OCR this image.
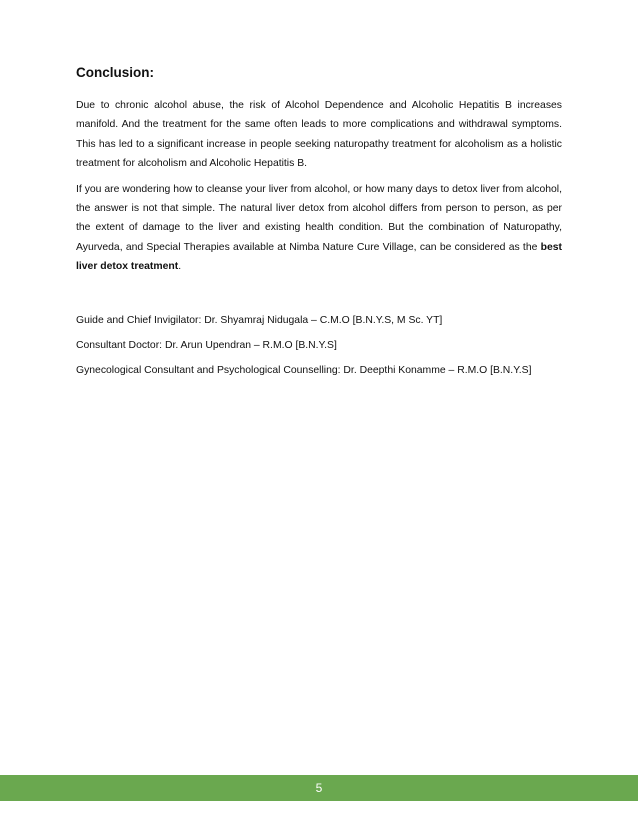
Conclusion:

Due to chronic alcohol abuse, the risk of Alcohol Dependence and Alcoholic Hepatitis B increases manifold. And the treatment for the same often leads to more complications and withdrawal symptoms. This has led to a significant increase in people seeking naturopathy treatment for alcoholism as a holistic treatment for alcoholism and Alcoholic Hepatitis B.

If you are wondering how to cleanse your liver from alcohol, or how many days to detox liver from alcohol, the answer is not that simple. The natural liver detox from alcohol differs from person to person, as per the extent of damage to the liver and existing health condition. But the combination of Naturopathy, Ayurveda, and Special Therapies available at Nimba Nature Cure Village, can be considered as the best liver detox treatment.

Guide and Chief Invigilator: Dr. Shyamraj Nidugala – C.M.O [B.N.Y.S, M Sc. YT]

Consultant Doctor: Dr. Arun Upendran – R.M.O [B.N.Y.S]

Gynecological Consultant and Psychological Counselling: Dr. Deepthi Konamme – R.M.O [B.N.Y.S]

5
